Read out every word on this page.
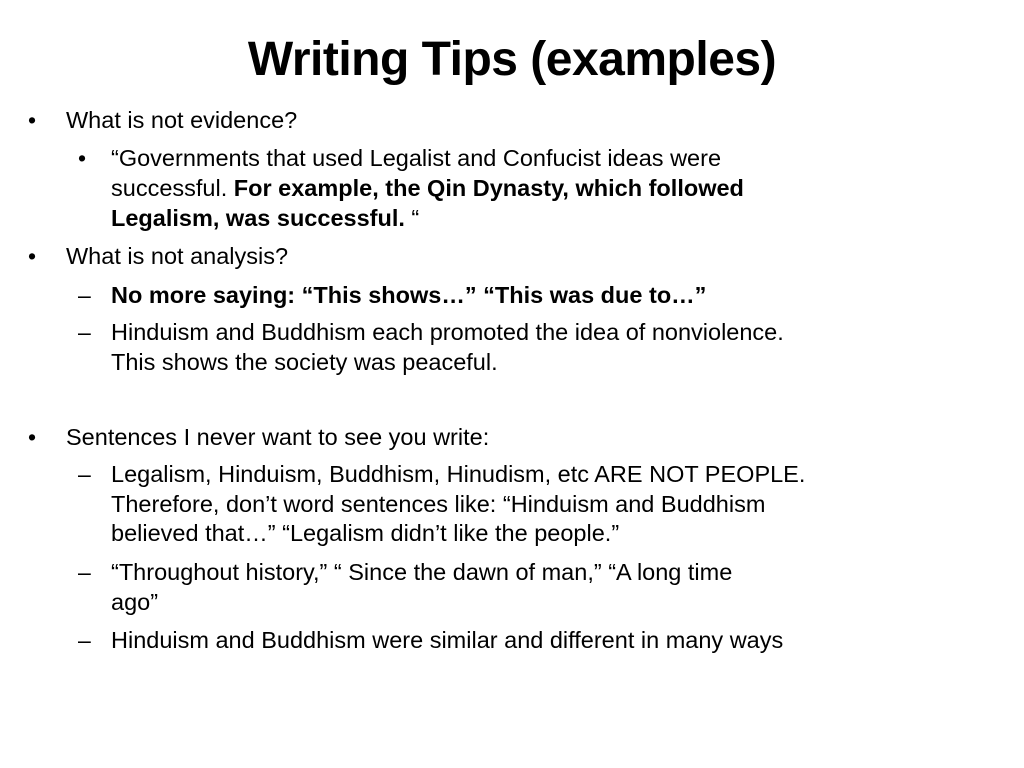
Writing Tips (examples)
• What is not evidence?
• “Governments that used Legalist and Confucist ideas were
successful. For example, the Qin Dynasty, which followed
Legalism, was successful. “
• What is not analysis?
– No more saying: “This shows…” “This was due to…”
– Hinduism and Buddhism each promoted the idea of nonviolence.
This shows the society was peaceful.
• Sentences I never want to see you write:
– Legalism, Hinduism, Buddhism, Hinudism, etc ARE NOT PEOPLE.
Therefore, don’t word sentences like: “Hinduism and Buddhism
believed that…” “Legalism didn’t like the people.”
– “Throughout history,” “ Since the dawn of man,” “A long time
ago”
– Hinduism and Buddhism were similar and different in many ways
